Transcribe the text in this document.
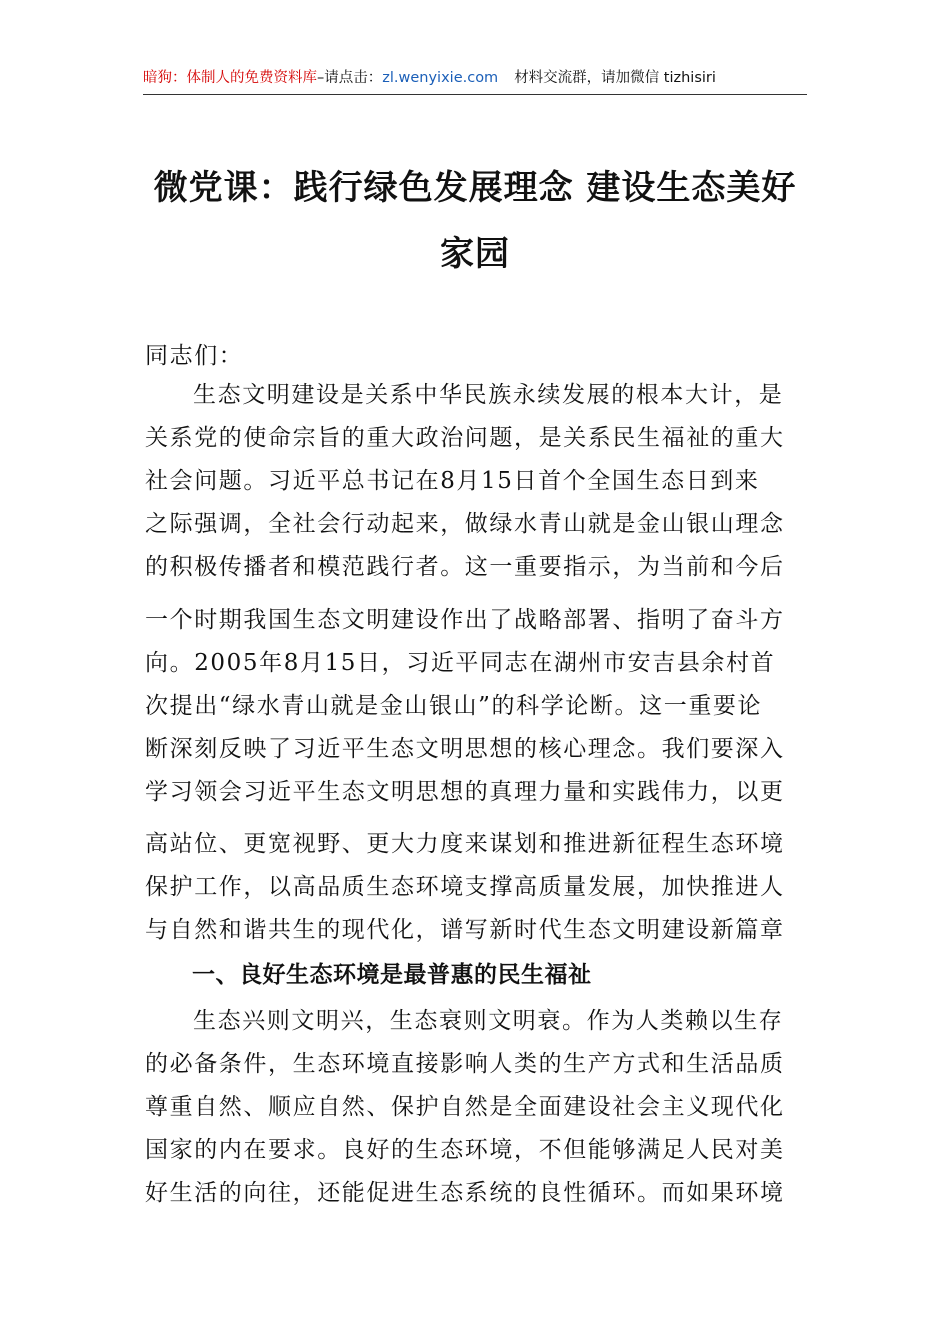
暗狗：体制人的免费资料库–请点击：zl.wenyixie.com 材料交流群，请加微信 tizhisiri
微党课：践行绿色发展理念 建设生态美好
家园
同志们：
生态文明建设是关系中华民族永续发展的根本大计，是
关系党的使命宗旨的重大政治问题，是关系民生福祉的重大
社会问题。习近平总书记在8月15日首个全国生态日到来
之际强调，全社会行动起来，做绿水青山就是金山银山理念
的积极传播者和模范践行者。这一重要指示，为当前和今后
一个时期我国生态文明建设作出了战略部署、指明了奋斗方
向。2005年8月15日，习近平同志在湖州市安吉县余村首
次提出“绿水青山就是金山银山”的科学论断。这一重要论
断深刻反映了习近平生态文明思想的核心理念。我们要深入
学习领会习近平生态文明思想的真理力量和实践伟力，以更
高站位、更宽视野、更大力度来谋划和推进新征程生态环境
保护工作，以高品质生态环境支撑高质量发展，加快推进人
与自然和谐共生的现代化，谱写新时代生态文明建设新篇章
一、良好生态环境是最普惠的民生福祉
生态兴则文明兴，生态衰则文明衰。作为人类赖以生存
的必备条件，生态环境直接影响人类的生产方式和生活品质
尊重自然、顺应自然、保护自然是全面建设社会主义现代化
国家的内在要求。良好的生态环境，不但能够满足人民对美
好生活的向往，还能促进生态系统的良性循环。而如果环境
